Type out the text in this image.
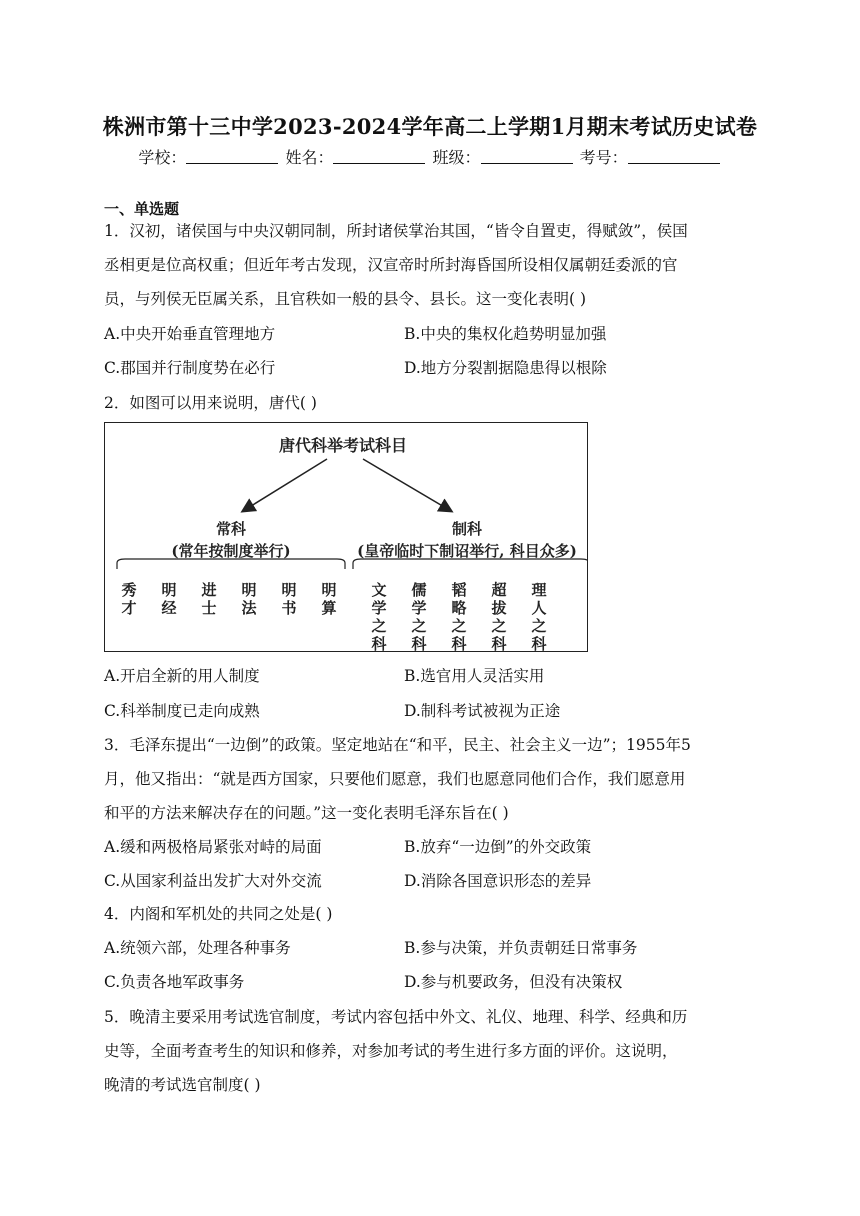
株洲市第十三中学2023-2024学年高二上学期1月期末考试历史试卷
学校：	姓名：	班级：	考号：
一、单选题
1．汉初，诸侯国与中央汉朝同制，所封诸侯掌治其国，“皆令自置吏，得赋敛”，侯国
丞相更是位高权重；但近年考古发现，汉宣帝时所封海昏国所设相仅属朝廷委派的官
员，与列侯无臣属关系，且官秩如一般的县令、县长。这一变化表明( )
A.中央开始垂直管理地方	B.中央的集权化趋势明显加强
C.郡国并行制度势在必行	D.地方分裂割据隐患得以根除
2．如图可以用来说明，唐代( )
唐代科举考试科目
常科
(常年按制度举行)
制科
(皇帝临时下制诏举行, 科目众多)
秀才
明经
进士
明法
明书
明算
文学之科
儒学之科
韬略之科
超拔之科
理人之科
A.开启全新的用人制度	B.选官用人灵活实用
C.科举制度已走向成熟	D.制科考试被视为正途
3．毛泽东提出“一边倒”的政策。坚定地站在“和平，民主、社会主义一边”；1955年5
月，他又指出：“就是西方国家，只要他们愿意，我们也愿意同他们合作，我们愿意用
和平的方法来解决存在的问题。”这一变化表明毛泽东旨在( )
A.缓和两极格局紧张对峙的局面	B.放弃“一边倒”的外交政策
C.从国家利益出发扩大对外交流	D.消除各国意识形态的差异
4．内阁和军机处的共同之处是( )
A.统领六部，处理各种事务	B.参与决策，并负责朝廷日常事务
C.负责各地军政事务	D.参与机要政务，但没有决策权
5．晚清主要采用考试选官制度，考试内容包括中外文、礼仪、地理、科学、经典和历
史等，全面考查考生的知识和修养，对参加考试的考生进行多方面的评价。这说明，
晚清的考试选官制度( )
